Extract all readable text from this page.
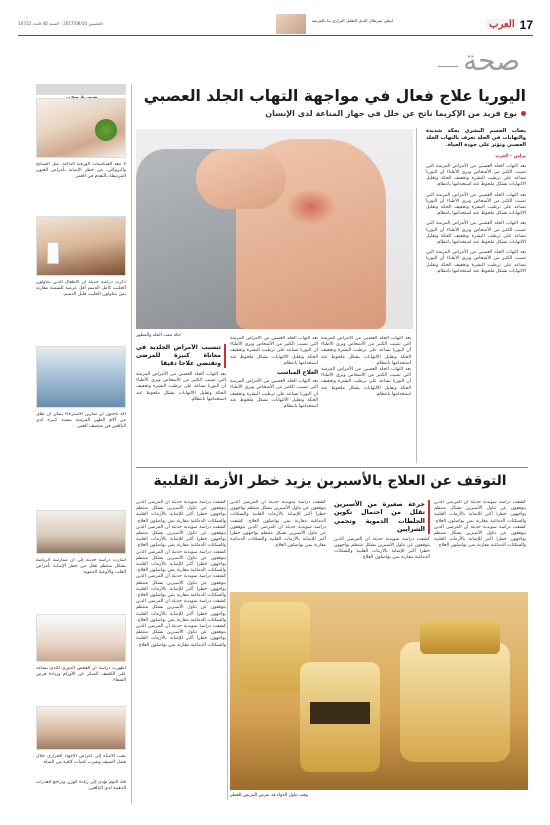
17
العرب
ابطي سرطان الثدي الطفل البرازي ينا بالفرصة
الخميس 2017/08/10 - السنة 40 العدد 10722
صحة
لا تبعد الفيتامينات الورقية الداكنة، مثل السبانخ والبروكلي، من خطر الإصابة بأمراض العيون المرتبطة بالتقدم في العمر.
ذكرت دراسة حديثة أن الأطفال الذين يتناولون الحليب كامل الدسم أقل عرضة للسمنة مقارنة بمن يتناولون الحليب قليل الدسم.
أكد باحثون أن تمارين الاسترخاء يمكن أن تقلل من آلام الظهر المزمنة بنسبة كبيرة لدى البالغين في منتصف العمر.
أشارت دراسة حديثة إلى أن ممارسة الرياضة بشكل منتظم تقلل من خطر الإصابة بأمراض القلب والأوعية الدموية.
أظهرت دراسة أن الفحص الدوري للثدي يساعد على الكشف المبكر عن الأورام وزيادة فرص الشفاء.
يجب الانتباه إلى أعراض الإجهاد الحراري خلال فصل الصيف وشرب كميات كافية من المياه.
قلة النوم تؤدي إلى زيادة الوزن وتراجع القدرات الذهنية لدى البالغين.
اليوريا علاج فعال في مواجهة التهاب الجلد العصبي
نوع فريد من الإكزيما ناتج عن خلل في جهاز المناعة لدى الإنسان
حكة تتعب الجلد والمظهر
يصاب الجسم البشري بحكة شديدة والتهابات في الجلد تعرف بالتهاب الجلد العصبي وتؤثر على جودة الحياة.
برلين - العرب
يعد التهاب الجلد العصبي من الأمراض المزمنة التي تصيب الكثير من الأشخاص ويرى الأطباء أن اليوريا تساعد على ترطيب البشرة وتخفيف الحكة وتقليل الالتهابات بشكل ملحوظ عند استخدامها بانتظام.
يعد التهاب الجلد العصبي من الأمراض المزمنة التي تصيب الكثير من الأشخاص ويرى الأطباء أن اليوريا تساعد على ترطيب البشرة وتخفيف الحكة وتقليل الالتهابات بشكل ملحوظ عند استخدامها بانتظام.
يعد التهاب الجلد العصبي من الأمراض المزمنة التي تصيب الكثير من الأشخاص ويرى الأطباء أن اليوريا تساعد على ترطيب البشرة وتخفيف الحكة وتقليل الالتهابات بشكل ملحوظ عند استخدامها بانتظام.
يعد التهاب الجلد العصبي من الأمراض المزمنة التي تصيب الكثير من الأشخاص ويرى الأطباء أن اليوريا تساعد على ترطيب البشرة وتخفيف الحكة وتقليل الالتهابات بشكل ملحوظ عند استخدامها بانتظام.
يعد التهاب الجلد العصبي من الأمراض المزمنة التي تصيب الكثير من الأشخاص ويرى الأطباء أن اليوريا تساعد على ترطيب البشرة وتخفيف الحكة وتقليل الالتهابات بشكل ملحوظ عند استخدامها بانتظام.
يعد التهاب الجلد العصبي من الأمراض المزمنة التي تصيب الكثير من الأشخاص ويرى الأطباء أن اليوريا تساعد على ترطيب البشرة وتخفيف الحكة وتقليل الالتهابات بشكل ملحوظ عند استخدامها بانتظام.
يعد التهاب الجلد العصبي من الأمراض المزمنة التي تصيب الكثير من الأشخاص ويرى الأطباء أن اليوريا تساعد على ترطيب البشرة وتخفيف الحكة وتقليل الالتهابات بشكل ملحوظ عند استخدامها بانتظام.
العلاج المناسب
يعد التهاب الجلد العصبي من الأمراض المزمنة التي تصيب الكثير من الأشخاص ويرى الأطباء أن اليوريا تساعد على ترطيب البشرة وتخفيف الحكة وتقليل الالتهابات بشكل ملحوظ عند استخدامها بانتظام.
تتسبب الأمراض الجلدية في معاناة كبيرة للمرضى وتقتضي علاجا دقيقا
يعد التهاب الجلد العصبي من الأمراض المزمنة التي تصيب الكثير من الأشخاص ويرى الأطباء أن اليوريا تساعد على ترطيب البشرة وتخفيف الحكة وتقليل الالتهابات بشكل ملحوظ عند استخدامها بانتظام.
التوقف عن العلاج بالأسبرين يزيد خطر الأزمة القلبية
كشفت دراسة سويدية حديثة أن المرضى الذين يتوقفون عن تناول الأسبرين بشكل منتظم يواجهون خطرا أكبر للإصابة بالأزمات القلبية والسكتات الدماغية مقارنة بمن يواصلون العلاج. كشفت دراسة سويدية حديثة أن المرضى الذين يتوقفون عن تناول الأسبرين بشكل منتظم يواجهون خطرا أكبر للإصابة بالأزمات القلبية والسكتات الدماغية مقارنة بمن يواصلون العلاج.
جرعة صغيرة من الأسبرين تقلل من احتمال تكوين الجلطات الدموية وتحمي الشرايين
كشفت دراسة سويدية حديثة أن المرضى الذين يتوقفون عن تناول الأسبرين بشكل منتظم يواجهون خطرا أكبر للإصابة بالأزمات القلبية والسكتات الدماغية مقارنة بمن يواصلون العلاج.
كشفت دراسة سويدية حديثة أن المرضى الذين يتوقفون عن تناول الأسبرين بشكل منتظم يواجهون خطرا أكبر للإصابة بالأزمات القلبية والسكتات الدماغية مقارنة بمن يواصلون العلاج. كشفت دراسة سويدية حديثة أن المرضى الذين يتوقفون عن تناول الأسبرين بشكل منتظم يواجهون خطرا أكبر للإصابة بالأزمات القلبية والسكتات الدماغية مقارنة بمن يواصلون العلاج.
كشفت دراسة سويدية حديثة أن المرضى الذين يتوقفون عن تناول الأسبرين بشكل منتظم يواجهون خطرا أكبر للإصابة بالأزمات القلبية والسكتات الدماغية مقارنة بمن يواصلون العلاج. كشفت دراسة سويدية حديثة أن المرضى الذين يتوقفون عن تناول الأسبرين بشكل منتظم يواجهون خطرا أكبر للإصابة بالأزمات القلبية والسكتات الدماغية مقارنة بمن يواصلون العلاج. كشفت دراسة سويدية حديثة أن المرضى الذين يتوقفون عن تناول الأسبرين بشكل منتظم يواجهون خطرا أكبر للإصابة بالأزمات القلبية والسكتات الدماغية مقارنة بمن يواصلون العلاج. كشفت دراسة سويدية حديثة أن المرضى الذين يتوقفون عن تناول الأسبرين بشكل منتظم يواجهون خطرا أكبر للإصابة بالأزمات القلبية والسكتات الدماغية مقارنة بمن يواصلون العلاج. كشفت دراسة سويدية حديثة أن المرضى الذين يتوقفون عن تناول الأسبرين بشكل منتظم يواجهون خطرا أكبر للإصابة بالأزمات القلبية والسكتات الدماغية مقارنة بمن يواصلون العلاج. كشفت دراسة سويدية حديثة أن المرضى الذين يتوقفون عن تناول الأسبرين بشكل منتظم يواجهون خطرا أكبر للإصابة بالأزمات القلبية والسكتات الدماغية مقارنة بمن يواصلون العلاج.
وقف تناول الدواء قد يعرض المريض للخطر
